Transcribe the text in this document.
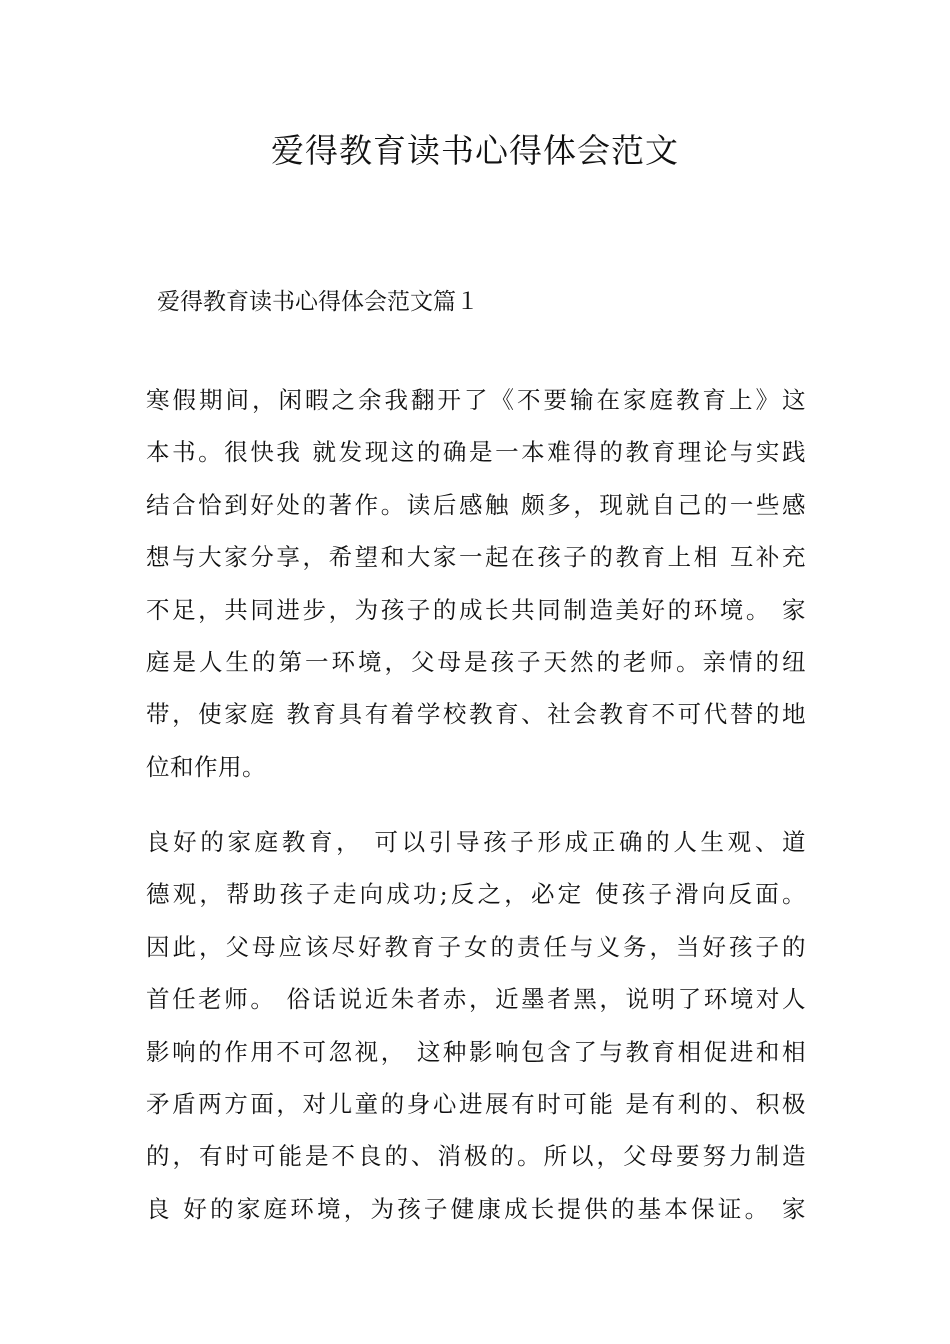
爱得教育读书心得体会范文

爱得教育读书心得体会范文篇１

寒假期间，闲暇之余我翻开了《不要输在家庭教育上》这
本书。很快我 就发现这的确是一本难得的教育理论与实践
结合恰到好处的著作。读后感触 颇多，现就自己的一些感
想与大家分享，希望和大家一起在孩子的教育上相 互补充
不足，共同进步，为孩子的成长共同制造美好的环境。 家
庭是人生的第一环境，父母是孩子天然的老师。亲情的纽
带，使家庭 教育具有着学校教育、社会教育不可代替的地
位和作用。
良好的家庭教育， 可以引导孩子形成正确的人生观、道
德观，帮助孩子走向成功;反之，必定 使孩子滑向反面。
因此，父母应该尽好教育子女的责任与义务，当好孩子的
首任老师。 俗话说近朱者赤，近墨者黑，说明了环境对人
影响的作用不可忽视， 这种影响包含了与教育相促进和相
矛盾两方面，对儿童的身心进展有时可能 是有利的、积极
的，有时可能是不良的、消极的。所以，父母要努力制造
良 好的家庭环境，为孩子健康成长提供的基本保证。 家
